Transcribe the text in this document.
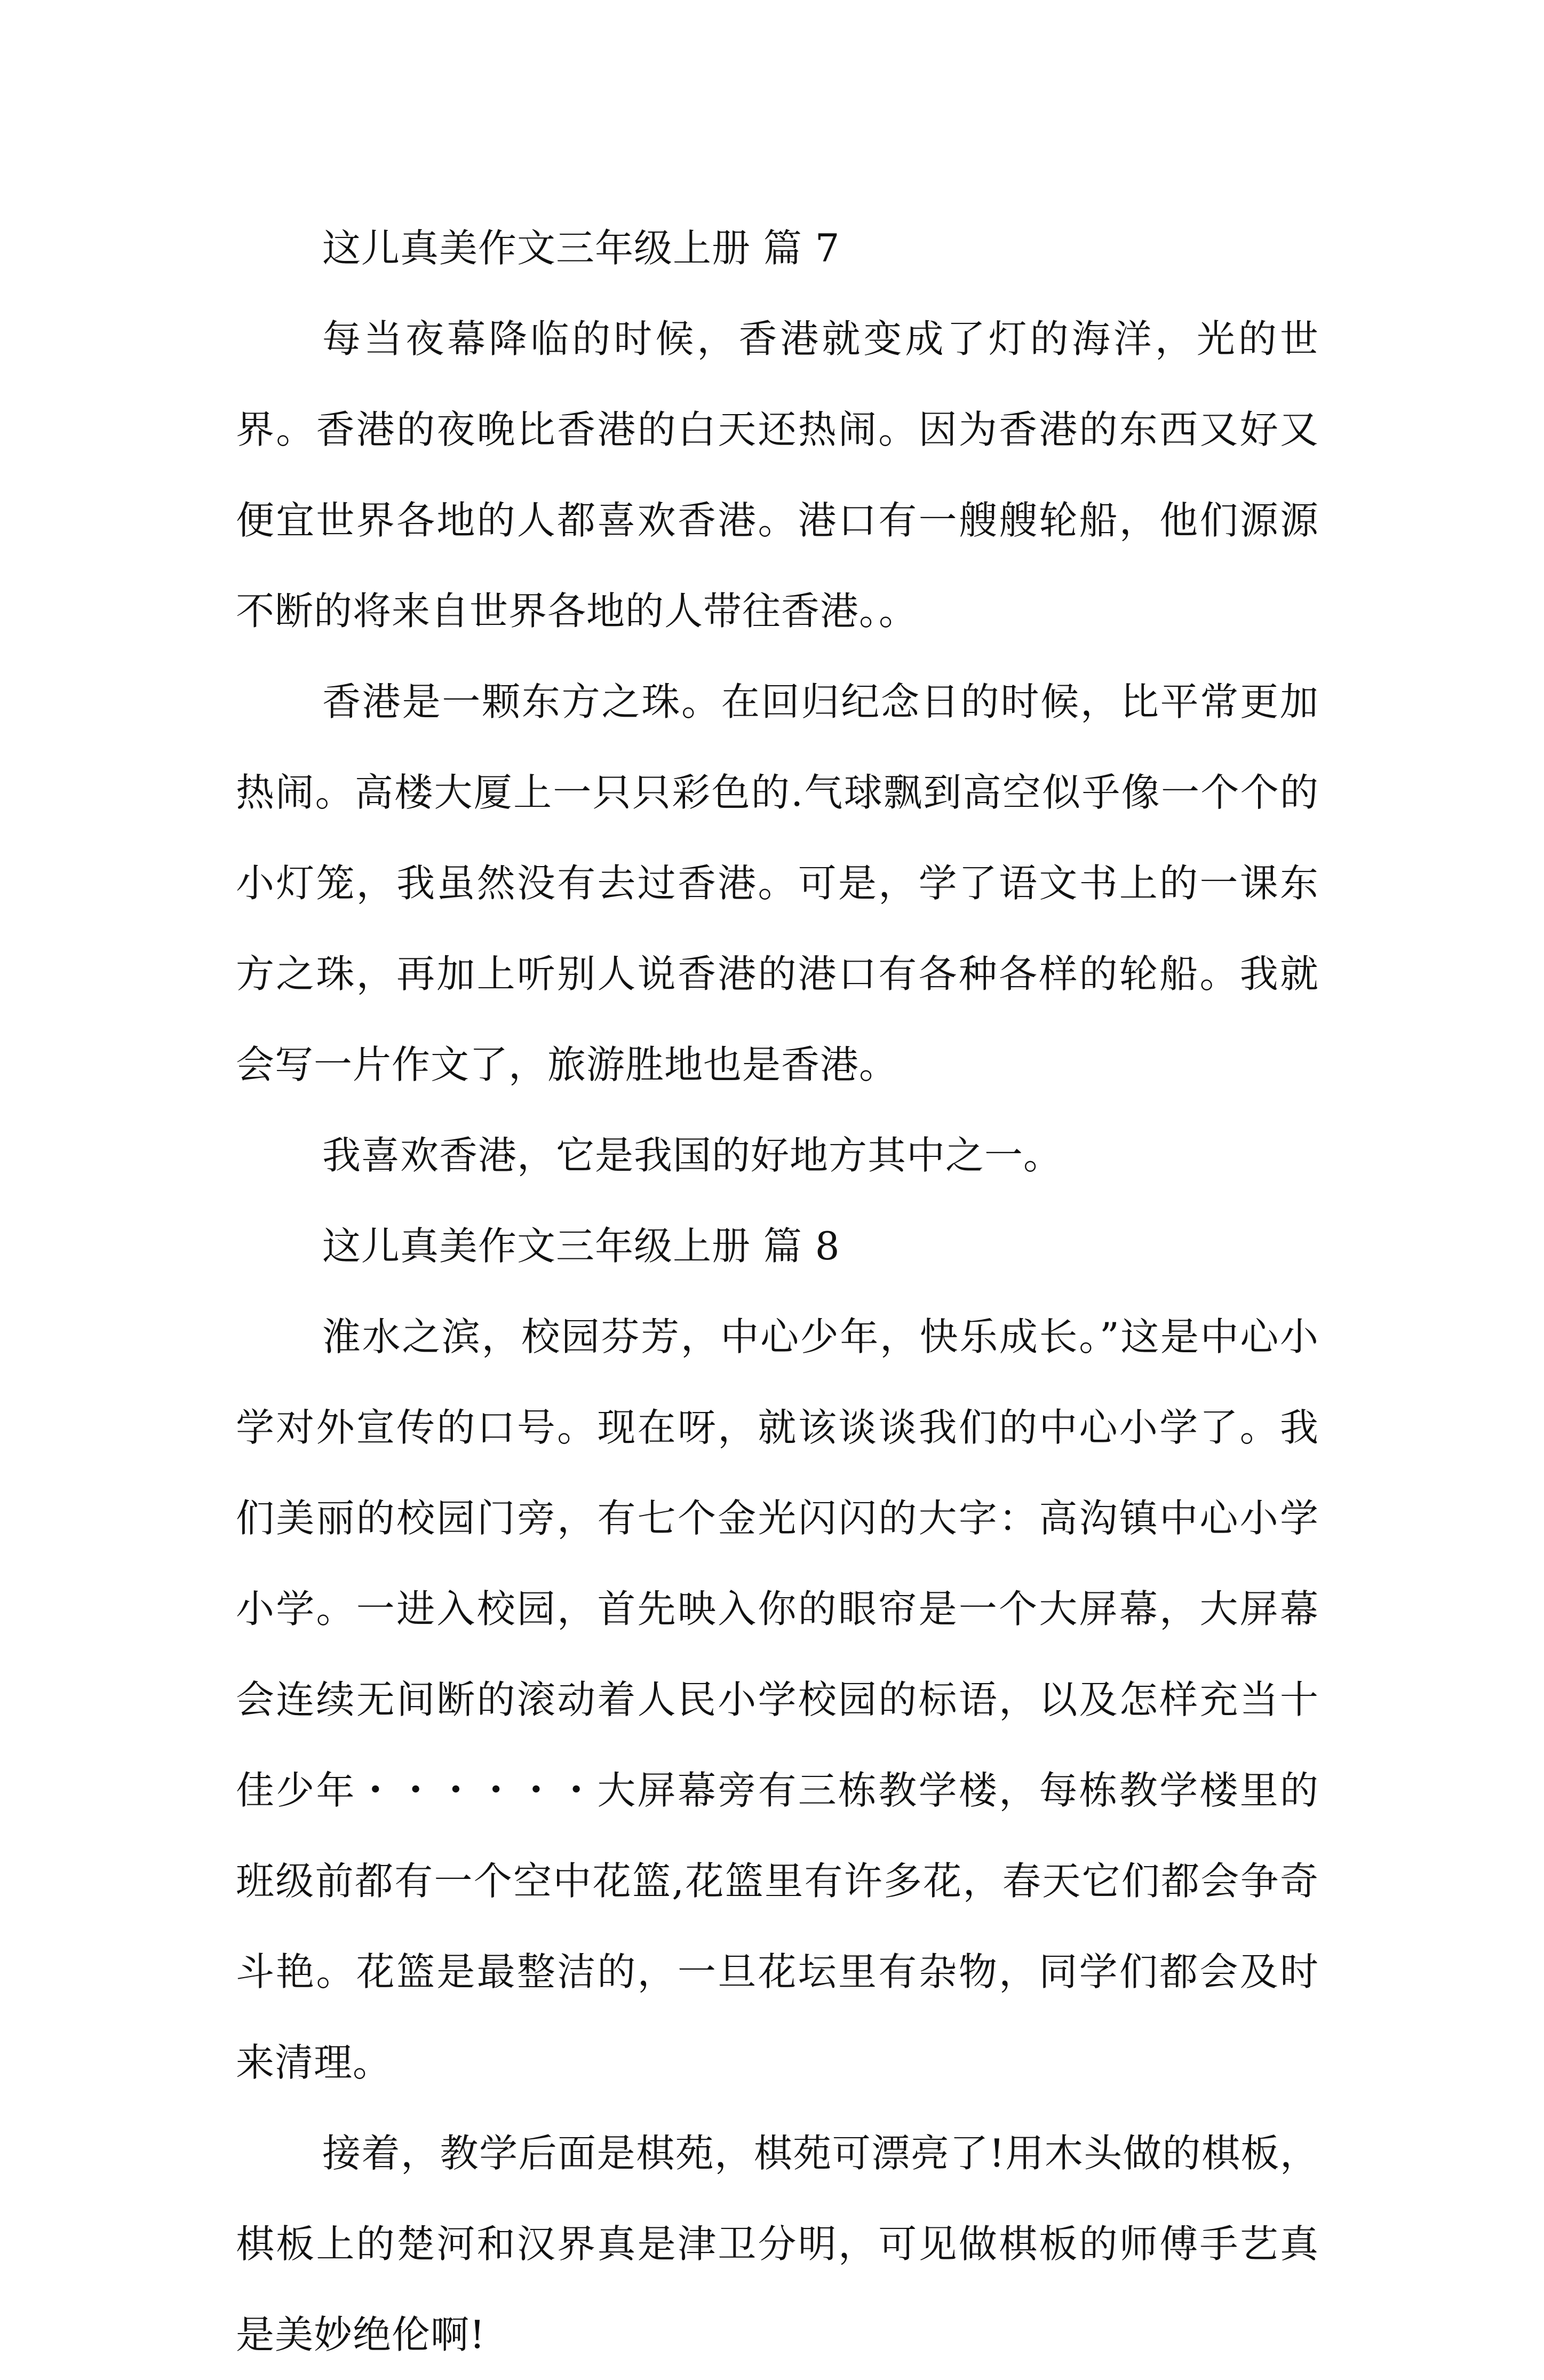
这儿真美作文三年级上册 篇 7

每当夜幕降临的时候，香港就变成了灯的海洋，光的世界。香港的夜晚比香港的白天还热闹。因为香港的东西又好又便宜世界各地的人都喜欢香港。港口有一艘艘轮船，他们源源不断的将来自世界各地的人带往香港。。

香港是一颗东方之珠。在回归纪念日的时候，比平常更加热闹。高楼大厦上一只只彩色的.气球飘到高空似乎像一个个的小灯笼，我虽然没有去过香港。可是，学了语文书上的一课东方之珠，再加上听别人说香港的港口有各种各样的轮船。我就会写一片作文了，旅游胜地也是香港。

我喜欢香港，它是我国的好地方其中之一。

这儿真美作文三年级上册 篇 8

淮水之滨，校园芬芳，中心少年，快乐成长。”这是中心小学对外宣传的口号。现在呀，就该谈谈我们的中心小学了。我们美丽的校园门旁，有七个金光闪闪的大字：高沟镇中心小学小学。一进入校园，首先映入你的眼帘是一个大屏幕，大屏幕会连续无间断的滚动着人民小学校园的标语，以及怎样充当十佳少年・・・・・・大屏幕旁有三栋教学楼，每栋教学楼里的班级前都有一个空中花篮,花篮里有许多花，春天它们都会争奇斗艳。花篮是最整洁的，一旦花坛里有杂物，同学们都会及时来清理。

接着，教学后面是棋苑，棋苑可漂亮了!用木头做的棋板，棋板上的楚河和汉界真是津卫分明，可见做棋板的师傅手艺真是美妙绝伦啊!
